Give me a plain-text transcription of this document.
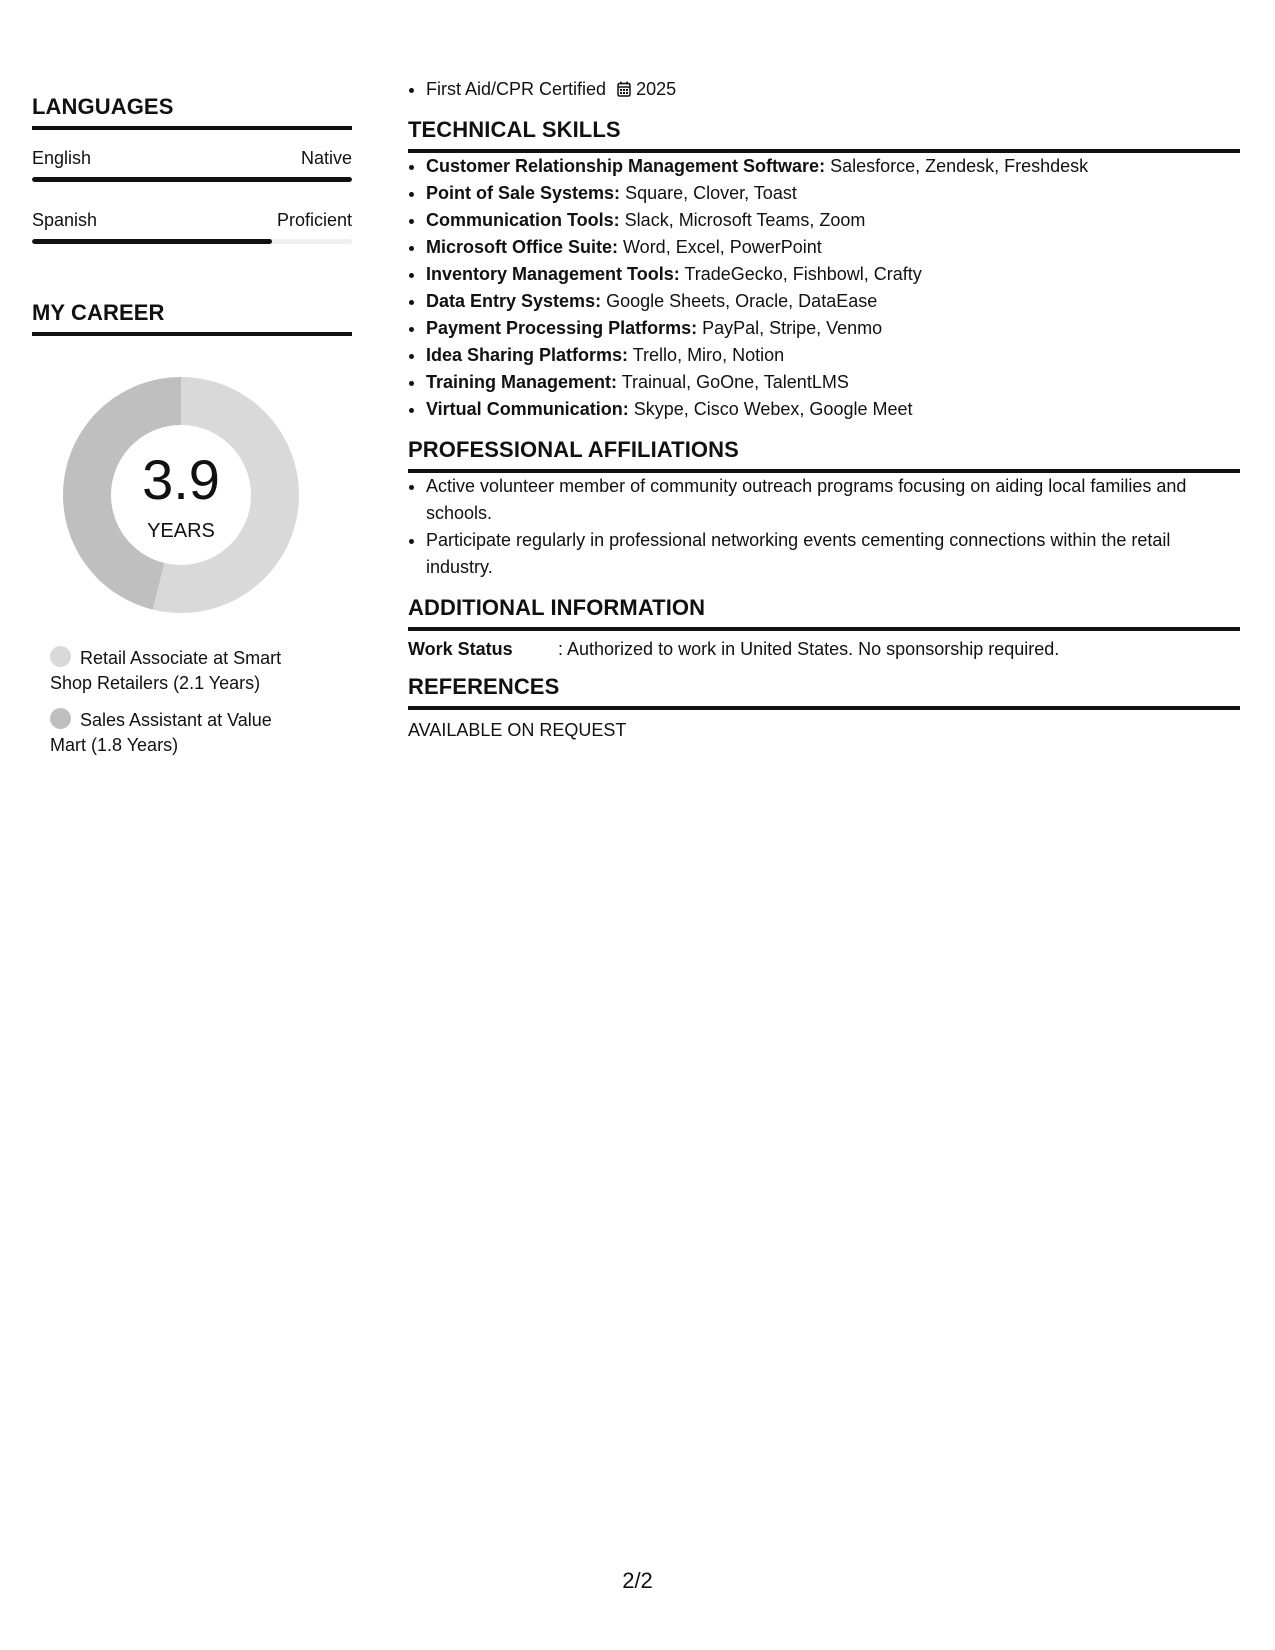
LANGUAGES
English	Native
Spanish	Proficient
MY CAREER
3.9
YEARS
Retail Associate at Smart Shop Retailers (2.1 Years)
Sales Assistant at Value Mart (1.8 Years)
• First Aid/CPR Certified 2025
TECHNICAL SKILLS
• Customer Relationship Management Software: Salesforce, Zendesk, Freshdesk
• Point of Sale Systems: Square, Clover, Toast
• Communication Tools: Slack, Microsoft Teams, Zoom
• Microsoft Office Suite: Word, Excel, PowerPoint
• Inventory Management Tools: TradeGecko, Fishbowl, Crafty
• Data Entry Systems: Google Sheets, Oracle, DataEase
• Payment Processing Platforms: PayPal, Stripe, Venmo
• Idea Sharing Platforms: Trello, Miro, Notion
• Training Management: Trainual, GoOne, TalentLMS
• Virtual Communication: Skype, Cisco Webex, Google Meet
PROFESSIONAL AFFILIATIONS
• Active volunteer member of community outreach programs focusing on aiding local families and schools.
• Participate regularly in professional networking events cementing connections within the retail industry.
ADDITIONAL INFORMATION
Work Status	: Authorized to work in United States. No sponsorship required.
REFERENCES
AVAILABLE ON REQUEST
2/2
